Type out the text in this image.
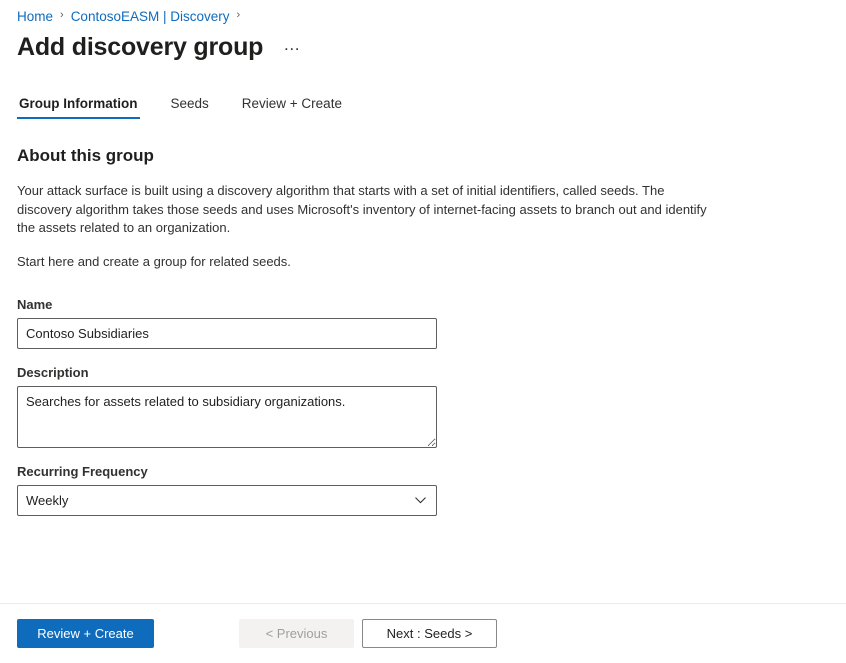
Home › ContosoEASM | Discovery ›
Add discovery group	…
Group Information Seeds Review + Create
About this group
Your attack surface is built using a discovery algorithm that starts with a set of initial identifiers, called seeds. The discovery algorithm takes those seeds and uses Microsoft's inventory of internet-facing assets to branch out and identify the assets related to an organization.
Start here and create a group for related seeds.
Name
Contoso Subsidiaries
Description
Searches for assets related to subsidiary organizations.
Recurring Frequency
Weekly
Review + Create	< Previous	Next : Seeds >
